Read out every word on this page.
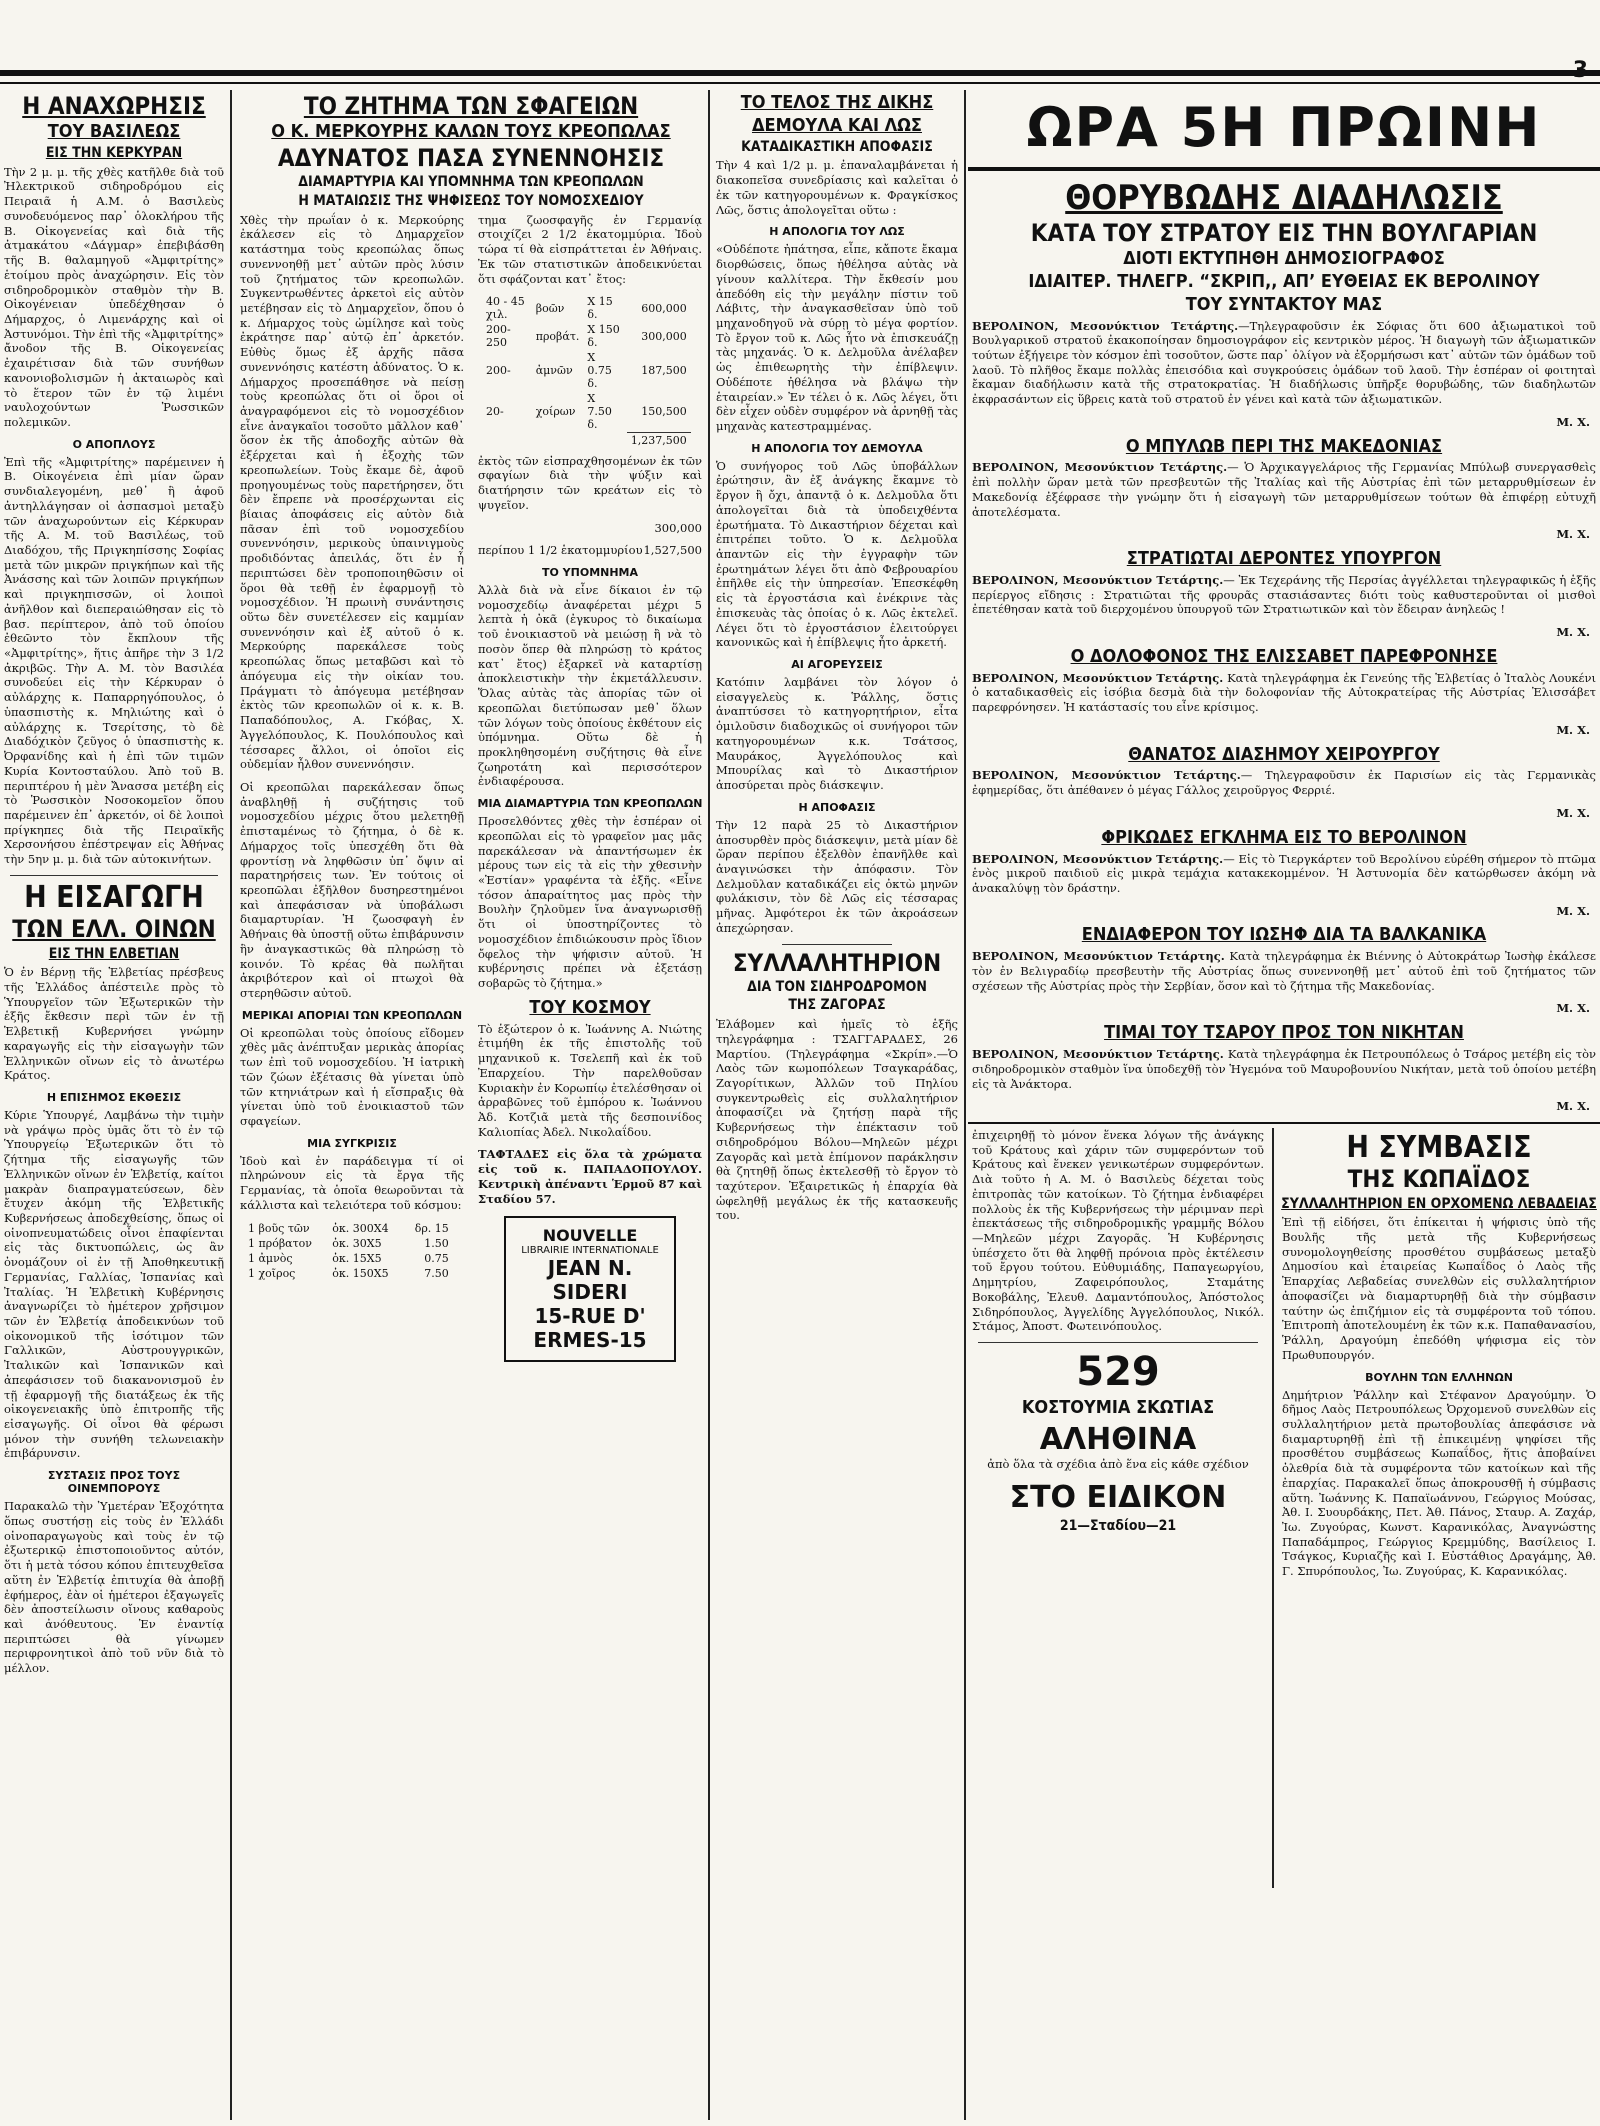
3
Η ΑΝΑΧΩΡΗΣΙΣ
ΤΟΥ ΒΑΣΙΛΕΩΣ
ΕΙΣ ΤΗΝ ΚΕΡΚΥΡΑΝ

Τὴν 2 μ. μ. τῆς χθὲς κατῆλθε διὰ τοῦ Ἠλεκτρικοῦ σιδηροδρόμου εἰς Πειραιᾶ ἡ Α.Μ. ὁ Βασιλεὺς συνοδευόμενος παρ᾿ ὁλοκλήρου τῆς Β. Οἰκογενείας καὶ διὰ τῆς ἀτμακάτου «Δάγμαρ» ἐπεβιβάσθη τῆς Β. θαλαμηγοῦ «Ἀμφιτρίτης» ἑτοίμου πρὸς ἀναχώρησιν. Εἰς τὸν σιδηροδρομικὸν σταθμὸν τὴν Β. Οἰκογένειαν ὑπεδέχθησαν ὁ Δήμαρχος, ὁ Λιμενάρχης καὶ οἱ Ἀστυνόμοι. Τὴν ἐπὶ τῆς «Ἀμφιτρίτης» ἄνοδον τῆς Β. Οἰκογενείας ἐχαιρέτισαν διὰ τῶν συνήθων κανονιοβολισμῶν ἡ ἀκταιωρὸς καὶ τὸ ἕτερον τῶν ἐν τῷ λιμένι ναυλοχούντων Ῥωσσικῶν πολεμικῶν.

Ο ΑΠΟΠΛΟΥΣ

Ἐπὶ τῆς «Ἀμφιτρίτης» παρέμεινεν ἡ Β. Οἰκογένεια ἐπὶ μίαν ὥραν συνδιαλεγομένη, μεθ᾿ ἣ ἀφοῦ ἀντηλλάγησαν οἱ ἀσπασμοὶ μεταξὺ τῶν ἀναχωρούντων εἰς Κέρκυραν τῆς Α. Μ. τοῦ Βασιλέως, τοῦ Διαδόχου, τῆς Πριγκηπίσσης Σοφίας μετὰ τῶν μικρῶν πριγκήπων καὶ τῆς Ἀνάσσης καὶ τῶν λοιπῶν πριγκήπων καὶ πριγκηπισσῶν, οἱ λοιποὶ ἀνῆλθον καὶ διεπεραιώθησαν εἰς τὸ βασ. περίπτερον, ἀπὸ τοῦ ὁποίου ἐθεῶντο τὸν ἔκπλουν τῆς «Ἀμφιτρίτης», ἥτις ἀπῆρε τὴν 3 1/2 ἀκριβῶς. Τὴν Α. Μ. τὸν Βασιλέα συνοδεύει εἰς τὴν Κέρκυραν ὁ αὐλάρχης κ. Παπαρρηγόπουλος, ὁ ὑπασπιστὴς κ. Μηλιώτης καὶ ὁ αὐλάρχης κ. Τσερίτσης, τὸ δὲ Διαδόχικὸν ζεῦγος ὁ ὑπασπιστὴς κ. Ὀρφανίδης καὶ ἡ ἐπὶ τῶν τιμῶν Κυρία Κοντοσταύλου. Ἀπὸ τοῦ Β. περιπτέρου ἡ μὲν Ἄνασσα μετέβη εἰς τὸ Ῥωσσικὸν Νοσοκομεῖον ὅπου παρέμεινεν ἐπ᾿ ἀρκετόν, οἱ δὲ λοιποὶ πρίγκηπες διὰ τῆς Πειραϊκῆς Χερσονήσου ἐπέστρεψαν εἰς Ἀθήνας τὴν 5ην μ. μ. διὰ τῶν αὐτοκινήτων.

Η ΕΙΣΑΓΩΓΗ
ΤΩΝ ΕΛΛ. ΟΙΝΩΝ
ΕΙΣ ΤΗΝ ΕΛΒΕΤΙΑΝ

Ὁ ἐν Βέρνῃ τῆς Ἑλβετίας πρέσβευς τῆς Ἑλλάδος ἀπέστειλε πρὸς τὸ Ὑπουργεῖον τῶν Ἐξωτερικῶν τὴν ἑξῆς ἔκθεσιν περὶ τῶν ἐν τῇ Ἑλβετικῇ Κυβερνήσει γνώμην καραγωγῆς εἰς τὴν εἰσαγωγὴν τῶν Ἑλληνικῶν οἴνων εἰς τὸ ἀνωτέρω Κράτος.

Η ΕΠΙΣΗΜΟΣ ΕΚΘΕΣΙΣ

Κύριε Ὑπουργέ, Λαμβάνω τὴν τιμὴν νὰ γράψω πρὸς ὑμᾶς ὅτι τὸ ἐν τῷ Ὑπουργείῳ Ἐξωτερικῶν ὅτι τὸ ζήτημα τῆς εἰσαγωγῆς τῶν Ἑλληνικῶν οἴνων ἐν Ἑλβετίᾳ, καίτοι μακρὰν διαπραγματεύσεων, δὲν ἔτυχεν ἀκόμη τῆς Ἑλβετικῆς Κυβερνήσεως ἀποδεχθείσης, ὅπως οἱ οἰνοπνευματώδεις οἶνοι ἑπαφίενται εἰς τὰς δικτυοπώλεις, ὡς ἂν ὀνομάζουν οἱ ἐν τῇ Ἀποθηκευτικῇ Γερμανίας, Γαλλίας, Ἰσπανίας καὶ Ἰταλίας. Ἡ Ἑλβετικὴ Κυβέρνησις ἀναγνωρίζει τὸ ἡμέτερον χρῆσιμον τῶν ἐν Ἑλβετίᾳ ἀποδεικνύων τοῦ οἰκονομικοῦ τῆς ἰσότιμον τῶν Γαλλικῶν, Αὐστρουγγρικῶν, Ἰταλικῶν καὶ Ἰσπανικῶν καὶ ἀπεφάσισεν τοῦ διακανονισμοῦ ἐν τῇ ἐφαρμογῇ τῆς διατάξεως ἐκ τῆς οἰκογενειακῆς ὑπὸ ἐπιτροπῆς τῆς εἰσαγωγῆς. Οἱ οἶνοι θὰ φέρωσι μόνον τὴν συνήθη τελωνειακὴν ἐπιβάρυνσιν.

ΣΥΣΤΑΣΙΣ ΠΡΟΣ ΤΟΥΣ ΟΙΝΕΜΠΟΡΟΥΣ

Παρακαλῶ τὴν Ὑμετέραν Ἐξοχότητα ὅπως συστήσῃ εἰς τοὺς ἐν Ἑλλάδι οἰνοπαραγωγοὺς καὶ τοὺς ἐν τῷ ἐξωτερικῷ ἐπιστοποιοῦντος αὐτόν, ὅτι ἡ μετὰ τόσου κόπου ἐπιτευχθεῖσα αὕτη ἐν Ἑλβετίᾳ ἐπιτυχία θὰ ἀποβῇ ἐφήμερος, ἐὰν οἱ ἡμέτεροι ἐξαγωγεῖς δὲν ἀποστείλωσιν οἴνους καθαροὺς καὶ ἀνόθευτους. Ἐν ἐναντίᾳ περιπτώσει θὰ γίνωμεν περιφρονητικοὶ ἀπὸ τοῦ νῦν διὰ τὸ μέλλον.

ΤΟ ΖΗΤΗΜΑ ΤΩΝ ΣΦΑΓΕΙΩΝ
Ο Κ. ΜΕΡΚΟΥΡΗΣ ΚΑΛΩΝ ΤΟΥΣ ΚΡΕΟΠΩΛΑΣ
ΑΔΥΝΑΤΟΣ ΠΑΣΑ ΣΥΝΕΝΝΟΗΣΙΣ
ΔΙΑΜΑΡΤΥΡΙΑ ΚΑΙ ΥΠΟΜΝΗΜΑ ΤΩΝ ΚΡΕΟΠΩΛΩΝ
Η ΜΑΤΑΙΩΣΙΣ ΤΗΣ ΨΗΦΙΣΕΩΣ ΤΟΥ ΝΟΜΟΣΧΕΔΙΟΥ

Χθὲς τὴν πρωΐαν ὁ κ. Μερκούρης ἐκάλεσεν εἰς τὸ Δημαρχεῖον κατάστημα τοὺς κρεοπώλας ὅπως συνεννοηθῇ μετ᾿ αὐτῶν πρὸς λύσιν τοῦ ζητήματος τῶν κρεοπωλῶν. Συγκεντρωθέντες ἀρκετοὶ εἰς αὐτὸν μετέβησαν εἰς τὸ Δημαρχεῖον, ὅπου ὁ κ. Δήμαρχος τοὺς ὡμίλησε καὶ τοὺς ἐκράτησε παρ᾿ αὐτῷ ἐπ᾿ ἀρκετόν. Εὐθὺς ὅμως ἐξ ἀρχῆς πᾶσα συνεννόησις κατέστη ἀδύνατος. Ὁ κ. Δήμαρχος προσεπάθησε νὰ πείσῃ τοὺς κρεοπώλας ὅτι οἱ ὅροι οἱ ἀναγραφόμενοι εἰς τὸ νομοσχέδιον εἶνε ἀναγκαῖοι τοσοῦτο μᾶλλον καθ᾿ ὅσον ἐκ τῆς ἀποδοχῆς αὐτῶν θὰ ἐξέρχεται καὶ ἡ ἑξοχὴς τῶν κρεοπωλείων. Τοὺς ἔκαμε δὲ, ἀφοῦ προηγουμένως τοὺς παρετήρησεν, ὅτι δὲν ἔπρεπε νὰ προσέρχωνται εἰς βίαιας ἀποφάσεις εἰς αὐτὸν διὰ πᾶσαν ἐπὶ τοῦ νομοσχεδίου συνεννόησιν, μερικοὺς ὑπαινιγμοὺς προδιδόντας ἀπειλάς, ὅτι ἐν ἧ περιπτώσει δὲν τροποποιηθῶσιν οἱ ὅροι θὰ τεθῇ ἐν ἐφαρμογῇ τὸ νομοσχέδιον. Ἡ πρωινὴ συνάντησις οὕτω δὲν συνετέλεσεν εἰς καμμίαν συνεννόησιν καὶ ἐξ αὐτοῦ ὁ κ. Μερκούρης παρεκάλεσε τοὺς κρεοπώλας ὅπως μεταβῶσι καὶ τὸ ἀπόγευμα εἰς τὴν οἰκίαν του. Πράγματι τὸ ἀπόγευμα μετέβησαν ἐκτὸς τῶν κρεοπωλῶν οἱ κ. κ. Β. Παπαδόπουλος, Α. Γκόβας, Χ. Ἀγγελόπουλος, Κ. Πουλόπουλος καὶ τέσσαρες ἄλλοι, οἱ ὁποῖοι εἰς οὐδεμίαν ἦλθον συνεννόησιν.

Οἱ κρεοπῶλαι παρεκάλεσαν ὅπως ἀναβληθῇ ἡ συζήτησις τοῦ νομοσχεδίου μέχρις ὅτου μελετηθῇ ἐπισταμένως τὸ ζήτημα, ὁ δὲ κ. Δήμαρχος τοῖς ὑπεσχέθη ὅτι θὰ φροντίσῃ νὰ ληφθῶσιν ὑπ᾿ ὄψιν αἱ παρατηρήσεις των. Ἐν τούτοις οἱ κρεοπῶλαι ἐξῆλθον δυσηρεστημένοι καὶ ἀπεφάσισαν νὰ ὑποβάλωσι διαμαρτυρίαν. Ἡ ζωοσφαγὴ ἐν Ἀθήναις θὰ ὑποστῇ οὕτω ἐπιβάρυνσιν ἣν ἀναγκαστικῶς θὰ πληρώσῃ τὸ κοινόν. Τὸ κρέας θὰ πωλῆται ἀκριβότερον καὶ οἱ πτωχοὶ θὰ στερηθῶσιν αὐτοῦ.

ΜΕΡΙΚΑΙ ΑΠΟΡΙΑΙ ΤΩΝ ΚΡΕΟΠΩΛΩΝ

Οἱ κρεοπῶλαι τοὺς ὁποίους εἴδομεν χθὲς μᾶς ἀνέπτυξαν μερικὰς ἀπορίας των ἐπὶ τοῦ νομοσχεδίου. Ἡ ἰατρικὴ τῶν ζώων ἐξέτασις θὰ γίνεται ὑπὸ τῶν κτηνιάτρων καὶ ἡ εἴσπραξις θὰ γίνεται ὑπὸ τοῦ ἐνοικιαστοῦ τῶν σφαγείων.

ΜΙΑ ΣΥΓΚΡΙΣΙΣ

Ἰδοὺ καὶ ἐν παράδειγμα τί οἱ πληρώνουν εἰς τὰ ἔργα τῆς Γερμανίας, τὰ ὁποῖα θεωροῦνται τὰ κάλλιστα καὶ τελειότερα τοῦ κόσμου:

1 βοῦς τῶν	ὀκ. 300Χ4	δρ. 15
1 πρόβατον	ὀκ. 30Χ5	1.50
1 ἀμνὸς	ὀκ. 15Χ5	0.75
1 χοῖρος	ὀκ. 150Χ5	7.50

τημα ζωοσφαγῆς ἐν Γερμανίᾳ στοιχίζει 2 1/2 ἑκατομμύρια. Ἰδοὺ τώρα τί θὰ εἰσπράττεται ἐν Ἀθήναις. Ἐκ τῶν στατιστικῶν ἀποδεικνύεται ὅτι σφάζονται κατ᾿ ἔτος:

40 - 45 χιλ.	βοῶν	Χ 15 δ.	600,000
200-250	προβάτ.	Χ 150 δ.	300,000
200-	ἀμνῶν	Χ 0.75 δ.	187,500
20-	χοίρων	Χ 7.50 δ.	150,500
			1,237,500

ἐκτὸς τῶν εἰσπραχθησομένων ἐκ τῶν σφαγίων διὰ τὴν ψύξιν καὶ διατήρησιν τῶν κρεάτων εἰς τὸ ψυγεῖον.

300,000
περίπου 1 1/2 ἑκατομμυρίου 1,527,500
ΤΟ ΥΠΟΜΝΗΜΑ

Ἀλλὰ διὰ νὰ εἶνε δίκαιοι ἐν τῷ νομοσχεδίῳ ἀναφέρεται μέχρι 5 λεπτὰ ἡ ὀκᾶ (ἐγκυρος τὸ δικαίωμα τοῦ ἐνοικιαστοῦ νὰ μειώσῃ ἢ νὰ τὸ ποσὸν ὅπερ θὰ πληρώσῃ τὸ κράτος κατ᾿ ἔτος) ἐξαρκεῖ νὰ καταρτίσῃ ἀποκλειστικὴν τὴν ἑκμετάλλευσιν. Ὅλας αὐτὰς τὰς ἀπορίας τῶν οἱ κρεοπῶλαι διετύπωσαν μεθ᾿ ὅλων τῶν λόγων τοὺς ὁποίους ἐκθέτουν εἰς ὑπόμνημα. Οὕτω δὲ ἡ προκληθησομένη συζήτησις θὰ εἶνε ζωηροτάτη καὶ περισσότερον ἐνδιαφέρουσα.

ΜΙΑ ΔΙΑΜΑΡΤΥΡΙΑ ΤΩΝ ΚΡΕΟΠΩΛΩΝ

Προσελθόντες χθὲς τὴν ἑσπέραν οἱ κρεοπῶλαι εἰς τὸ γραφεῖον μας μᾶς παρεκάλεσαν νὰ ἀπαντήσωμεν ἐκ μέρους των εἰς τὰ εἰς τὴν χθεσινὴν «Ἑστίαν» γραφέντα τὰ ἑξῆς. «Εἶνε τόσον ἀπαραίτητος μας πρὸς τὴν Βουλὴν ζηλοῦμεν ἴνα ἀναγνωρισθῇ ὅτι οἱ ὑποστηρίζοντες τὸ νομοσχέδιον ἐπιδιώκουσιν πρὸς ἴδιον ὄφελος τὴν ψήφισιν αὐτοῦ. Ἡ κυβέρνησις πρέπει νὰ ἐξετάσῃ σοβαρῶς τὸ ζήτημα.»

ΤΟΥ ΚΟΣΜΟΥ

Τὸ ἑξώτερον ὁ κ. Ἰωάννης Α. Νιώτης ἐτιμήθη ἐκ τῆς ἐπιστολῆς τοῦ μηχανικοῦ κ. Τσελεπῆ καὶ ἐκ τοῦ Ἐπαρχείου. Τὴν παρελθοῦσαν Κυριακὴν ἐν Κορωπίῳ ἐτελέσθησαν οἱ ἀρραβῶνες τοῦ ἐμπόρου κ. Ἰωάννου Ἀδ. Κοτζιᾶ μετὰ τῆς δεσποινίδος Καλιοπίας Ἀδελ. Νικολαΐδου.

ΤΑΦΤΑΔΕΣ εἰς ὅλα τὰ χρώματα εἰς τοῦ κ. ΠΑΠΑΔΟΠΟΥΛΟΥ. Κεντρικὴ ἀπέναντι Ἑρμοῦ 87 καὶ Σταδίου 57.

NOUVELLE
LIBRAIRIE INTERNATIONALE
JEAN N. SIDERI
15-RUE D' ERMES-15
ΤΟ ΤΕΛΟΣ ΤΗΣ ΔΙΚΗΣ
ΔΕΜΟΥΛΑ ΚΑΙ ΛΩΣ
ΚΑΤΑΔΙΚΑΣΤΙΚΗ ΑΠΟΦΑΣΙΣ

Τὴν 4 καὶ 1/2 μ. μ. ἐπαναλαμβάνεται ἡ διακοπεῖσα συνεδρίασις καὶ καλεῖται ὁ ἐκ τῶν κατηγορουμένων κ. Φραγκίσκος Λῶς, ὅστις ἀπολογεῖται οὕτω :

Η ΑΠΟΛΟΓΙΑ ΤΟΥ ΛΩΣ

«Οὐδέποτε ἠπάτησα, εἶπε, κἄποτε ἔκαμα διορθώσεις, ὅπως ἠθέλησα αὐτὰς νὰ γίνουν καλλίτερα. Τὴν ἔκθεσίν μου ἀπεδόθη εἰς τὴν μεγάλην πίστιν τοῦ Λάβιτς, τὴν ἀναγκασθεῖσαν ὑπὸ τοῦ μηχανοδηγοῦ νὰ σύρῃ τὸ μέγα φορτίον. Τὸ ἔργον τοῦ κ. Λῶς ἦτο νὰ ἐπισκευάζῃ τὰς μηχανάς. Ὁ κ. Δελμοῦλα ἀνέλαβεν ὡς ἐπιθεωρητὴς τὴν ἐπίβλεψιν. Οὐδέποτε ἠθέλησα νὰ βλάψω τὴν ἑταιρείαν.» Ἐν τέλει ὁ κ. Λῶς λέγει, ὅτι δὲν εἶχεν οὐδὲν συμφέρον νὰ ἀρνηθῇ τὰς μηχανὰς κατεστραμμένας.

Η ΑΠΟΛΟΓΙΑ ΤΟΥ ΔΕΜΟΥΛΑ

Ὁ συνήγορος τοῦ Λῶς ὑποβάλλων ἐρώτησιν, ἂν ἐξ ἀνάγκης ἔκαμνε τὸ ἔργον ἢ ὄχι, ἀπαντᾷ ὁ κ. Δελμοῦλα ὅτι ἀπολογεῖται διὰ τὰ ὑποδειχθέντα ἐρωτήματα. Τὸ Δικαστήριον δέχεται καὶ ἐπιτρέπει τοῦτο. Ὁ κ. Δελμοῦλα ἀπαντῶν εἰς τὴν ἐγγραφὴν τῶν ἐρωτημάτων λέγει ὅτι ἀπὸ Φεβρουαρίου ἐπῆλθε εἰς τὴν ὑπηρεσίαν. Ἐπεσκέφθη εἰς τὰ ἐργοστάσια καὶ ἐνέκρινε τὰς ἐπισκευὰς τὰς ὁποίας ὁ κ. Λῶς ἐκτελεῖ. Λέγει ὅτι τὸ ἐργοστάσιον ἐλειτούργει κανονικῶς καὶ ἡ ἐπίβλεψις ἦτο ἀρκετή.

ΑΙ ΑΓΟΡΕΥΣΕΙΣ

Κατόπιν λαμβάνει τὸν λόγον ὁ εἰσαγγελεὺς κ. Ῥάλλης, ὅστις ἀναπτύσσει τὸ κατηγορητήριον, εἶτα ὁμιλοῦσιν διαδοχικῶς οἱ συνήγοροι τῶν κατηγορουμένων κ.κ. Τσάτσος, Μαυράκος, Ἀγγελόπουλος καὶ Μπουρίλας καὶ τὸ Δικαστήριον ἀποσύρεται πρὸς διάσκεψιν.

Η ΑΠΟΦΑΣΙΣ

Τὴν 12 παρὰ 25 τὸ Δικαστήριον ἀποσυρθὲν πρὸς διάσκεψιν, μετὰ μίαν δὲ ὥραν περίπου ἐξελθὸν ἐπανῆλθε καὶ ἀναγινώσκει τὴν ἀπόφασιν. Τὸν Δελμοῦλαν καταδικάζει εἰς ὀκτὼ μηνῶν φυλάκισιν, τὸν δὲ Λῶς εἰς τέσσαρας μῆνας. Ἀμφότεροι ἐκ τῶν ἀκροάσεων ἀπεχώρησαν.

ΣΥΛΛΑΛΗΤΗΡΙΟΝ
ΔΙΑ ΤΟΝ ΣΙΔΗΡΟΔΡΟΜΟΝ
ΤΗΣ ΖΑΓΟΡΑΣ

Ἐλάβομεν καὶ ἡμεῖς τὸ ἑξῆς τηλεγράφημα : ΤΣΑΓΓΑΡΑΔΕΣ, 26 Μαρτίου. (Τηλεγράφημα «Σκρίπ».—Ὁ Λαὸς τῶν κωμοπόλεων Τσαγκαράδας, Ζαγορίτικων, Ἀλλῶν τοῦ Πηλίου συγκεντρωθεὶς εἰς συλλαλητήριον ἀποφασίζει νὰ ζητήσῃ παρὰ τῆς Κυβερνήσεως τὴν ἐπέκτασιν τοῦ σιδηροδρόμου Βόλου—Μηλεῶν μέχρι Ζαγορᾶς καὶ μετὰ ἐπίμονον παράκλησιν θὰ ζητηθῇ ὅπως ἐκτελεσθῇ τὸ ἔργον τὸ ταχύτερον. Ἐξαιρετικῶς ἡ ἐπαρχία θὰ ὠφεληθῇ μεγάλως ἐκ τῆς κατασκευῆς του.

ΩΡΑ 5Η ΠΡΩΙΝΗ
ΘΟΡΥΒΩΔΗΣ ΔΙΑΔΗΛΩΣΙΣ
ΚΑΤΑ ΤΟΥ ΣΤΡΑΤΟΥ ΕΙΣ ΤΗΝ ΒΟΥΛΓΑΡΙΑΝ
ΔΙΟΤΙ ΕΚΤΥΠΗΘΗ ΔΗΜΟΣΙΟΓΡΑΦΟΣ
ΙΔΙΑΙΤΕΡ. ΤΗΛΕΓΡ. “ΣΚΡΙΠ,, ΑΠ’ ΕΥΘΕΙΑΣ ΕΚ ΒΕΡΟΛΙΝΟΥ
ΤΟΥ ΣΥΝΤΑΚΤΟΥ ΜΑΣ

ΒΕΡΟΛΙΝΟΝ, Μεσονύκτιον Τετάρτης.—Τηλεγραφοῦσιν ἐκ Σόφιας ὅτι 600 ἀξιωματικοὶ τοῦ Βουλγαρικοῦ στρατοῦ ἐκακοποίησαν δημοσιογράφον εἰς κεντρικὸν μέρος. Ἡ διαγωγὴ τῶν ἀξιωματικῶν τούτων ἐξήγειρε τὸν κόσμον ἐπὶ τοσοῦτον, ὥστε παρ᾿ ὀλίγον νὰ ἐξορμήσωσι κατ᾿ αὐτῶν τῶν ὁμάδων τοῦ λαοῦ. Τὸ πλῆθος ἔκαμε πολλὰς ἐπεισόδια καὶ συγκρούσεις ὁμάδων τοῦ λαοῦ. Τὴν ἑσπέραν οἱ φοιτηταὶ ἔκαμαν διαδήλωσιν κατὰ τῆς στρατοκρατίας. Ἡ διαδήλωσις ὑπῆρξε θορυβώδης, τῶν διαδηλωτῶν ἐκφρασάντων εἰς ὕβρεις κατὰ τοῦ στρατοῦ ἐν γένει καὶ κατὰ τῶν ἀξιωματικῶν.

Μ. Χ.
Ο ΜΠΥΛΩΒ ΠΕΡΙ ΤΗΣ ΜΑΚΕΔΟΝΙΑΣ

ΒΕΡΟΛΙΝΟΝ, Μεσονύκτιον Τετάρτης.— Ὁ Ἀρχικαγγελάριος τῆς Γερμανίας Μπύλωβ συνεργασθεὶς ἐπὶ πολλὴν ὥραν μετὰ τῶν πρεσβευτῶν τῆς Ἰταλίας καὶ τῆς Αὐστρίας ἐπὶ τῶν μεταρρυθμίσεων ἐν Μακεδονίᾳ ἐξέφρασε τὴν γνώμην ὅτι ἡ εἰσαγωγὴ τῶν μεταρρυθμίσεων τούτων θὰ ἐπιφέρῃ εὐτυχῆ ἀποτελέσματα.

Μ. Χ.
ΣΤΡΑΤΙΩΤΑΙ ΔΕΡΟΝΤΕΣ ΥΠΟΥΡΓΟΝ

ΒΕΡΟΛΙΝΟΝ, Μεσονύκτιον Τετάρτης.— Ἐκ Τεχεράνης τῆς Περσίας ἀγγέλλεται τηλεγραφικῶς ἡ ἑξῆς περίεργος εἴδησις : Στρατιῶται τῆς φρουρᾶς στασιάσαντες διότι τοὺς καθυστεροῦνται οἱ μισθοὶ ἐπετέθησαν κατὰ τοῦ διερχομένου ὑπουργοῦ τῶν Στρατιωτικῶν καὶ τὸν ἔδειραν ἀνηλεῶς !

Μ. Χ.
Ο ΔΟΛΟΦΟΝΟΣ ΤΗΣ ΕΛΙΣΣΑΒΕΤ ΠΑΡΕΦΡΟΝΗΣΕ

ΒΕΡΟΛΙΝΟΝ, Μεσονύκτιον Τετάρτης. Κατὰ τηλεγράφημα ἐκ Γενεύης τῆς Ἑλβετίας ὁ Ἰταλὸς Λουκένι ὁ καταδικασθεὶς εἰς ἰσόβια δεσμὰ διὰ τὴν δολοφονίαν τῆς Αὐτοκρατείρας τῆς Αὐστρίας Ἐλισσάβετ παρεφρόνησεν. Ἡ κατάστασίς του εἶνε κρίσιμος.

Μ. Χ.
ΘΑΝΑΤΟΣ ΔΙΑΣΗΜΟΥ ΧΕΙΡΟΥΡΓΟΥ

ΒΕΡΟΛΙΝΟΝ, Μεσονύκτιον Τετάρτης.— Τηλεγραφοῦσιν ἐκ Παρισίων εἰς τὰς Γερμανικὰς ἐφημερίδας, ὅτι ἀπέθανεν ὁ μέγας Γάλλος χειροῦργος Φερριέ.

Μ. Χ.
ΦΡΙΚΩΔΕΣ ΕΓΚΛΗΜΑ ΕΙΣ ΤΟ ΒΕΡΟΛΙΝΟΝ

ΒΕΡΟΛΙΝΟΝ, Μεσονύκτιον Τετάρτης.— Εἰς τὸ Τιεργκάρτεν τοῦ Βερολίνου εὑρέθη σήμερον τὸ πτῶμα ἑνὸς μικροῦ παιδιοῦ εἰς μικρὰ τεμάχια κατακεκομμένον. Ἡ Ἀστυνομία δὲν κατώρθωσεν ἀκόμη νὰ ἀνακαλύψῃ τὸν δράστην.

Μ. Χ.
ΕΝΔΙΑΦΕΡΟΝ ΤΟΥ ΙΩΣΗΦ ΔΙΑ ΤΑ ΒΑΛΚΑΝΙΚΑ

ΒΕΡΟΛΙΝΟΝ, Μεσονύκτιον Τετάρτης. Κατὰ τηλεγράφημα ἐκ Βιέννης ὁ Αὐτοκράτωρ Ἰωσὴφ ἐκάλεσε τὸν ἐν Βελιγραδίῳ πρεσβευτὴν τῆς Αὐστρίας ὅπως συνεννοηθῇ μετ᾿ αὐτοῦ ἐπὶ τοῦ ζητήματος τῶν σχέσεων τῆς Αὐστρίας πρὸς τὴν Σερβίαν, ὅσον καὶ τὸ ζήτημα τῆς Μακεδονίας.

Μ. Χ.
ΤΙΜΑΙ ΤΟΥ ΤΣΑΡΟΥ ΠΡΟΣ ΤΟΝ ΝΙΚΗΤΑΝ

ΒΕΡΟΛΙΝΟΝ, Μεσονύκτιον Τετάρτης. Κατὰ τηλεγράφημα ἐκ Πετρουπόλεως ὁ Τσάρος μετέβη εἰς τὸν σιδηροδρομικὸν σταθμὸν ἵνα ὑποδεχθῇ τὸν Ἡγεμόνα τοῦ Μαυροβουνίου Νικήταν, μετὰ τοῦ ὁποίου μετέβη εἰς τὰ Ἀνάκτορα.

Μ. Χ.

ἐπιχειρηθῇ τὸ μόνον ἕνεκα λόγων τῆς ἀνάγκης τοῦ Κράτους καὶ χάριν τῶν συμφερόντων τοῦ Κράτους καὶ ἕνεκεν γενικωτέρων συμφερόντων. Διὰ τοῦτο ἡ Α. Μ. ὁ Βασιλεὺς δέχεται τοὺς ἐπιτροπὰς τῶν κατοίκων. Τὸ ζήτημα ἐνδιαφέρει πολλοὺς ἐκ τῆς Κυβερνήσεως τὴν μέριμναν περὶ ἐπεκτάσεως τῆς σιδηροδρομικῆς γραμμῆς Βόλου—Μηλεῶν μέχρι Ζαγορᾶς. Ἡ Κυβέρνησις ὑπέσχετο ὅτι θὰ ληφθῇ πρόνοια πρὸς ἐκτέλεσιν τοῦ ἔργου τούτου. Εὐθυμιάδης, Παπαγεωργίου, Δημητρίου, Ζαφειρόπουλος, Σταμάτης Βοκοβάλης, Ἐλευθ. Δαμαντόπουλος, Ἀπόστολος Σιδηρόπουλος, Ἀγγελίδης Ἀγγελόπουλος, Νικόλ. Στάμος, Ἀποστ. Φωτεινόπουλος.

529
ΚΟΣΤΟΥΜΙΑ ΣΚΩΤΙΑΣ
ΑΛΗΘΙΝΑ
ἀπὸ ὅλα τὰ σχέδια ἀπὸ ἕνα εἰς κάθε σχέδιον
ΣΤΟ ΕΙΔΙΚΟΝ
21—Σταδίου—21
Η ΣΥΜΒΑΣΙΣ
ΤΗΣ ΚΩΠΑΪΔΟΣ
ΣΥΛΛΑΛΗΤΗΡΙΟΝ ΕΝ ΟΡΧΟΜΕΝΩ ΛΕΒΑΔΕΙΑΣ

Ἐπὶ τῇ εἰδήσει, ὅτι ἐπίκειται ἡ ψήφισις ὑπὸ τῆς Βουλῆς τῆς μετὰ τῆς Κυβερνήσεως συνομολογηθείσης προσθέτου συμβάσεως μεταξὺ Δημοσίου καὶ ἑταιρείας Κωπαΐδος ὁ Λαὸς τῆς Ἐπαρχίας Λεβαδείας συνελθὼν εἰς συλλαλητήριον ἀποφασίζει νὰ διαμαρτυρηθῇ διὰ τὴν σύμβασιν ταύτην ὡς ἐπιζήμιον εἰς τὰ συμφέροντα τοῦ τόπου. Ἐπιτροπὴ ἀποτελουμένη ἐκ τῶν κ.κ. Παπαθανασίου, Ῥάλλη, Δραγούμη ἐπεδόθη ψήφισμα εἰς τὸν Πρωθυπουργόν.

ΒΟΥΛΗΝ ΤΩΝ ΕΛΛΗΝΩΝ

Δημήτριον Ῥάλλην καὶ Στέφανον Δραγούμην. Ὁ δῆμος Λαὸς Πετρουπόλεως Ὀρχομενοῦ συνελθὼν εἰς συλλαλητήριον μετὰ πρωτοβουλίας ἀπεφάσισε νὰ διαμαρτυρηθῇ ἐπὶ τῇ ἐπικειμένῃ ψηφίσει τῆς προσθέτου συμβάσεως Κωπαΐδος, ἥτις ἀποβαίνει ὀλεθρία διὰ τὰ συμφέροντα τῶν κατοίκων καὶ τῆς ἐπαρχίας. Παρακαλεῖ ὅπως ἀποκρουσθῇ ἡ σύμβασις αὕτη. Ἰωάννης Κ. Παπαϊωάννου, Γεώργιος Μούσας, Ἀθ. Ι. Συουρδάκης, Πετ. Ἀθ. Πάνος, Σταυρ. Α. Ζαχάρ, Ἰω. Ζυγούρας, Κωνστ. Καρανικόλας, Ἀναγνώστης Παπαδάμπρος, Γεώργιος Κρεμμύδης, Βασίλειος Ι. Τσάγκος, Κυριαζῆς καὶ Ι. Εὐστάθιος Δραγάμης, Ἀθ. Γ. Σπυρόπουλος, Ἰω. Ζυγούρας, Κ. Καρανικόλας.
